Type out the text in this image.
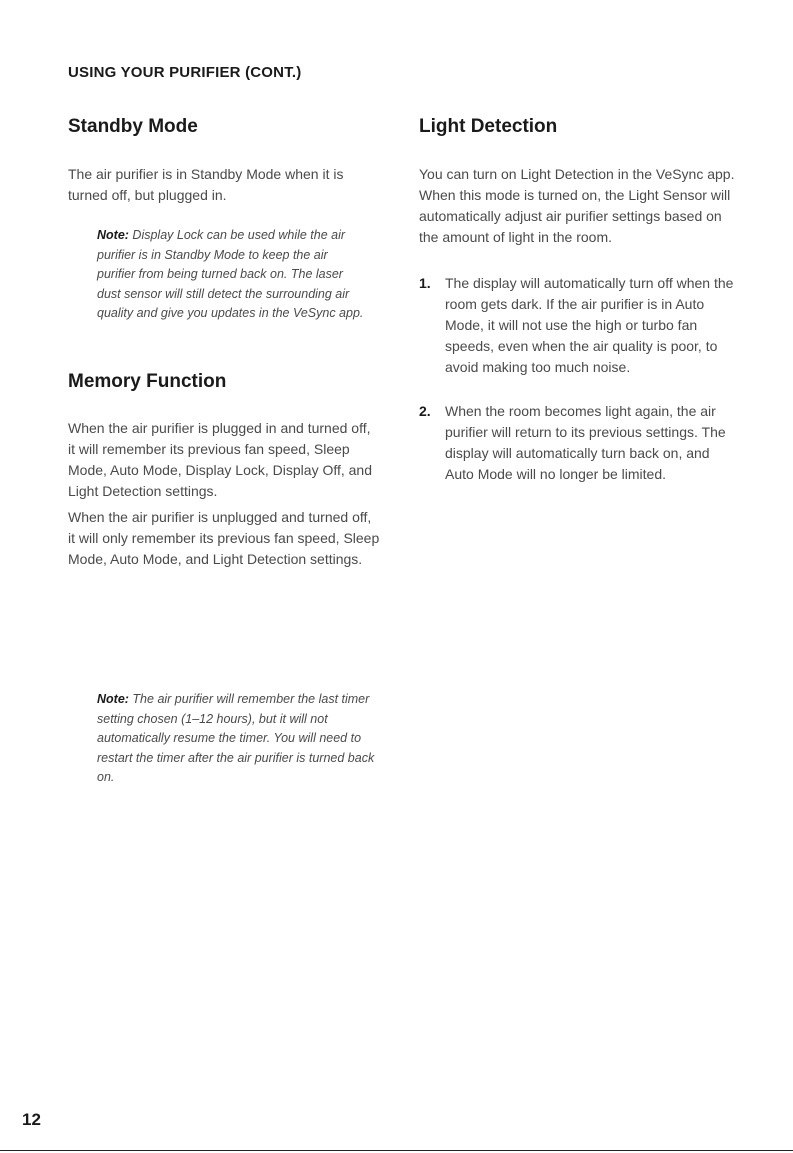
USING YOUR PURIFIER (CONT.)
Standby Mode

The air purifier is in Standby Mode when it is turned off, but plugged in.

Note: Display Lock can be used while the air purifier is in Standby Mode to keep the air purifier from being turned back on. The laser dust sensor will still detect the surrounding air quality and give you updates in the VeSync app.

Memory Function

When the air purifier is plugged in and turned off, it will remember its previous fan speed, Sleep Mode, Auto Mode, Display Lock, Display Off, and Light Detection settings.

When the air purifier is unplugged and turned off, it will only remember its previous fan speed, Sleep Mode, Auto Mode, and Light Detection settings.

Note: The air purifier will remember the last timer setting chosen (1–12 hours), but it will not automatically resume the timer. You will need to restart the timer after the air purifier is turned back on.

Light Detection

You can turn on Light Detection in the VeSync app. When this mode is turned on, the Light Sensor will automatically adjust air purifier settings based on the amount of light in the room.

1. The display will automatically turn off when the room gets dark. If the air purifier is in Auto Mode, it will not use the high or turbo fan speeds, even when the air quality is poor, to avoid making too much noise.

2. When the room becomes light again, the air purifier will return to its previous settings. The display will automatically turn back on, and Auto Mode will no longer be limited.

12
